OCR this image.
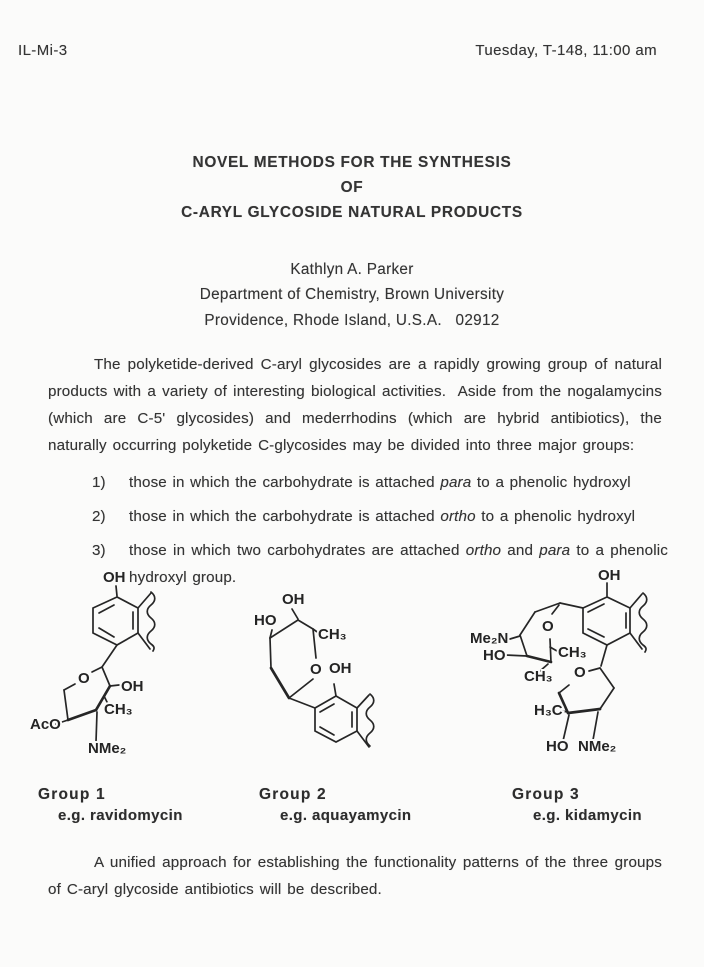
IL-Mi-3	Tuesday, T-148, 11:00 am
NOVEL METHODS FOR THE SYNTHESIS
OF
C-ARYL GLYCOSIDE NATURAL PRODUCTS
Kathlyn A. Parker
Department of Chemistry, Brown University
Providence, Rhode Island, U.S.A.   02912
The polyketide-derived C-aryl glycosides are a rapidly growing group of natural products with a variety of interesting biological activities.  Aside from the nogalamycins (which are C-5' glycosides) and mederrhodins (which are hybrid antibiotics), the naturally occurring polyketide C-glycosides may be divided into three major groups:
1)	those in which the carbohydrate is attached para to a phenolic hydroxyl
2)	those in which the carbohydrate is attached ortho to a phenolic hydroxyl
3)	those in which two carbohydrates are attached ortho and para to a phenolic hydroxyl group.
OH
O OH
CH₃
AcO
NMe₂
OH
HO
CH₃
O OH
OH
Me₂N
HO
O
CH₃
CH₃ O
H₃C
HO NMe₂
Group 1
e.g. ravidomycin
Group 2
e.g. aquayamycin
Group 3
e.g. kidamycin
A unified approach for establishing the functionality patterns of the three groups of C-aryl glycoside antibiotics will be described.
